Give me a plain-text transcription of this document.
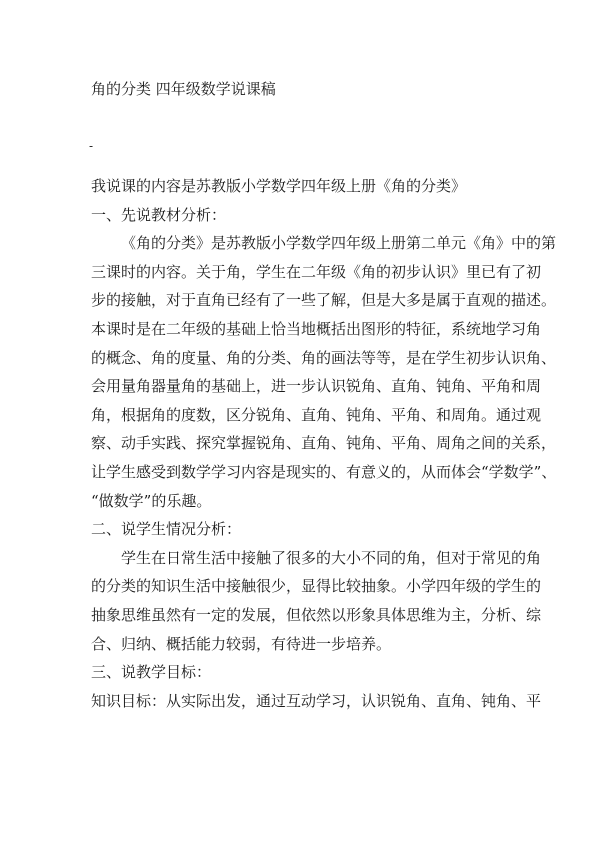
角的分类 四年级数学说课稿
-
我说课的内容是苏教版小学数学四年级上册《角的分类》
一、先说教材分析：
《角的分类》是苏教版小学数学四年级上册第二单元《角》中的第
三课时的内容。关于角，学生在二年级《角的初步认识》里已有了初
步的接触，对于直角已经有了一些了解，但是大多是属于直观的描述。
本课时是在二年级的基础上恰当地概括出图形的特征，系统地学习角
的概念、角的度量、角的分类、角的画法等等，是在学生初步认识角、
会用量角器量角的基础上，进一步认识锐角、直角、钝角、平角和周
角，根据角的度数，区分锐角、直角、钝角、平角、和周角。通过观
察、动手实践、探究掌握锐角、直角、钝角、平角、周角之间的关系，
让学生感受到数学学习内容是现实的、有意义的，从而体会“学数学”、
“做数学”的乐趣。
二、说学生情况分析：
学生在日常生活中接触了很多的大小不同的角，但对于常见的角
的分类的知识生活中接触很少，显得比较抽象。小学四年级的学生的
抽象思维虽然有一定的发展，但依然以形象具体思维为主，分析、综
合、归纳、概括能力较弱，有待进一步培养。
三、说教学目标：
知识目标：从实际出发，通过互动学习，认识锐角、直角、钝角、平
